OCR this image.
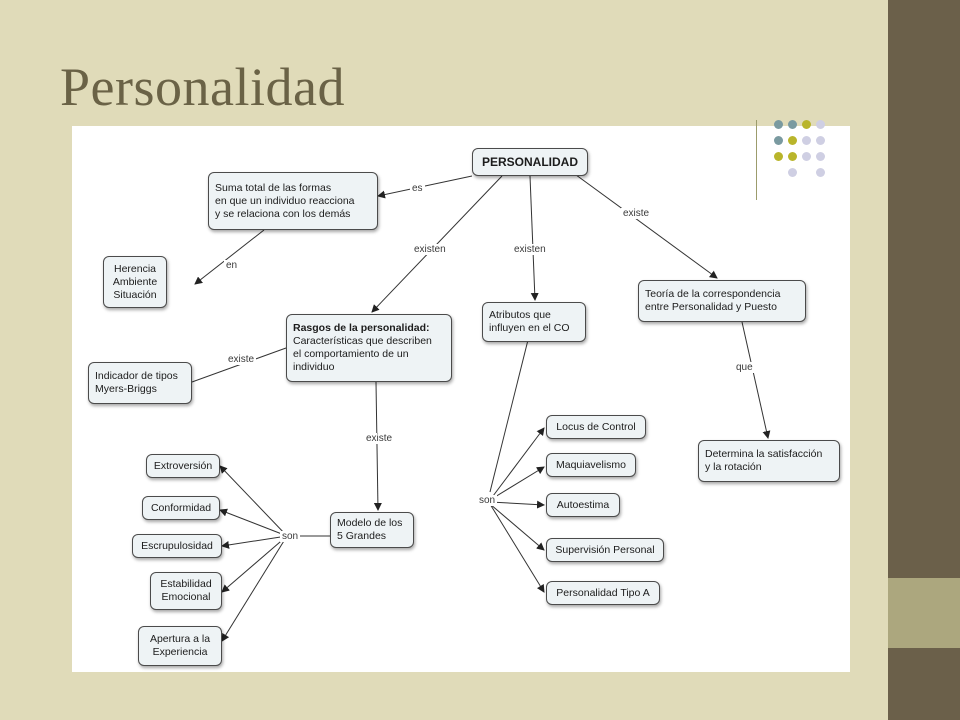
Personalidad
es
en
existen	existen
existe
existe
existe
que
son
son
PERSONALIDAD
Suma total de las formas
en que un individuo reacciona
y se relaciona con los demás
Herencia
Ambiente
Situación
Rasgos de la personalidad:
Características que describen
el comportamiento de un
individuo
Indicador de tipos
Myers-Briggs
Atributos que
influyen en el CO
Teoría de la correspondencia
entre Personalidad y Puesto
Determina la satisfacción
y la rotación
Modelo de los
5 Grandes
Extroversión
Conformidad
Escrupulosidad
Estabilidad
Emocional
Apertura a la
Experiencia
Locus de Control
Maquiavelismo
Autoestima
Supervisión Personal
Personalidad Tipo A
